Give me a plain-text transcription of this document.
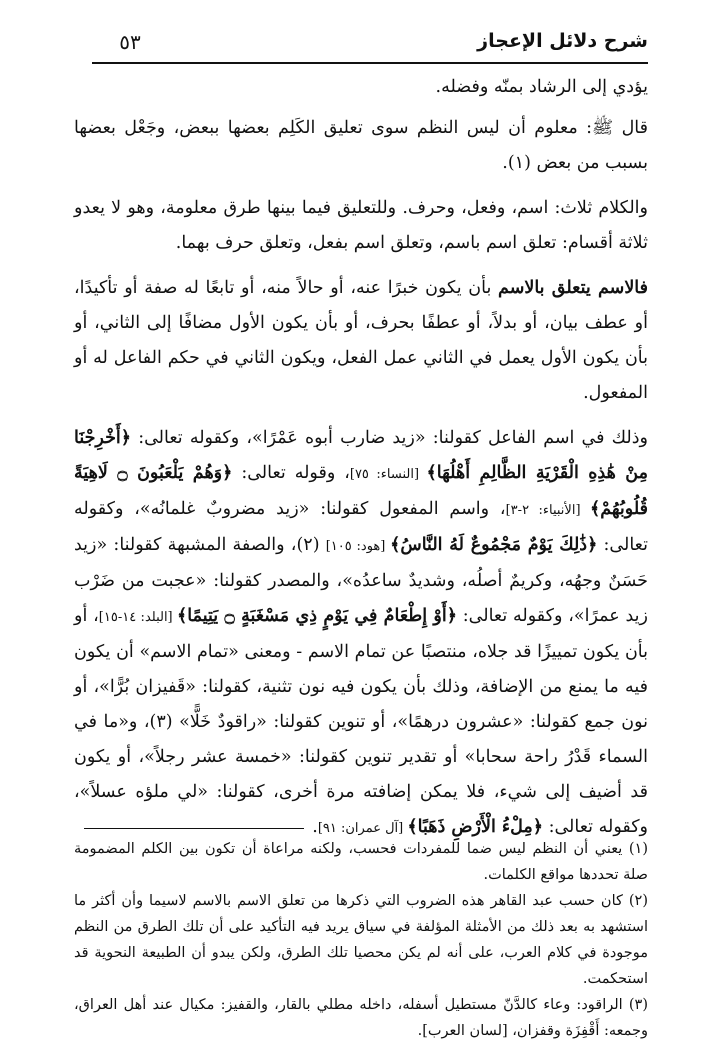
٥٣	شرح دلائل الإعجاز

يؤدي إلى الرشاد بمنّه وفضله.

قال ﷺ: معلوم أن ليس النظم سوى تعليق الكَلِم بعضها ببعض، وجَعْل بعضها بسبب من بعض (١).

والكلام ثلاث: اسم، وفعل، وحرف. وللتعليق فيما بينها طرق معلومة، وهو لا يعدو ثلاثة أقسام: تعلق اسم باسم، وتعلق اسم بفعل، وتعلق حرف بهما.

فالاسم يتعلق بالاسم بأن يكون خبرًا عنه، أو حالاً منه، أو تابعًا له صفة أو تأكيدًا، أو عطف بيان، أو بدلاً، أو عطفًا بحرف، أو بأن يكون الأول مضافًا إلى الثاني، أو بأن يكون الأول يعمل في الثاني عمل الفعل، ويكون الثاني في حكم الفاعل له أو المفعول.

وذلك في اسم الفاعل كقولنا: «زيد ضارب أبوه عَمْرًا»، وكقوله تعالى: ﴿أَخْرِجْنَا مِنْ هَٰذِهِ الْقَرْيَةِ الظَّالِمِ أَهْلُهَا﴾ [النساء: ٧٥]، وقوله تعالى: ﴿وَهُمْ يَلْعَبُونَ ۝ لَاهِيَةً قُلُوبُهُمْ﴾ [الأنبياء: ٢-٣]، واسم المفعول كقولنا: «زيد مضروبٌ غلمانُه»، وكقوله تعالى: ﴿ذَٰلِكَ يَوْمٌ مَجْمُوعٌ لَهُ النَّاسُ﴾ [هود: ١٠٥] (٢)، والصفة المشبهة كقولنا: «زيد حَسَنٌ وجهُه، وكريمٌ أصلُه، وشديدٌ ساعدُه»، والمصدر كقولنا: «عجبت من ضَرْب زيد عمرًا»، وكقوله تعالى: ﴿أَوْ إِطْعَامٌ فِي يَوْمٍ ذِي مَسْغَبَةٍ ۝ يَتِيمًا﴾ [البلد: ١٤-١٥]، أو بأن يكون تمييزًا قد جلاه، منتصبًا عن تمام الاسم - ومعنى «تمام الاسم» أن يكون فيه ما يمنع من الإضافة، وذلك بأن يكون فيه نون تثنية، كقولنا: «قَفيزان بُرًّا»، أو نون جمع كقولنا: «عشرون درهمًا»، أو تنوين كقولنا: «راقودٌ خَلًّا» (٣)، و«ما في السماء قَدْرُ راحة سحابا» أو تقدير تنوين كقولنا: «خمسة عشر رجلاً»، أو يكون قد أضيف إلى شيء، فلا يمكن إضافته مرة أخرى، كقولنا: «لي ملؤه عسلاً»، وكقوله تعالى: ﴿مِلْءُ الْأَرْضِ ذَهَبًا﴾ [آل عمران: ٩١].

(١) يعني أن النظم ليس ضما للمفردات فحسب، ولكنه مراعاة أن تكون بين الكلم المضمومة صلة تحددها مواقع الكلمات.

(٢) كان حسب عبد القاهر هذه الضروب التي ذكرها من تعلق الاسم بالاسم لاسيما وأن أكثر ما استشهد به بعد ذلك من الأمثلة المؤلفة في سياق يريد فيه التأكيد على أن تلك الطرق من النظم موجودة في كلام العرب، على أنه لم يكن محصيا تلك الطرق، ولكن يبدو أن الطبيعة النحوية قد استحكمت.

(٣) الراقود: وعاء كالدَّنّ مستطيل أسفله، داخله مطلي بالقار، والقفيز: مكيال عند أهل العراق، وجمعه: أَقْفِزَة وقفزان، [لسان العرب].
